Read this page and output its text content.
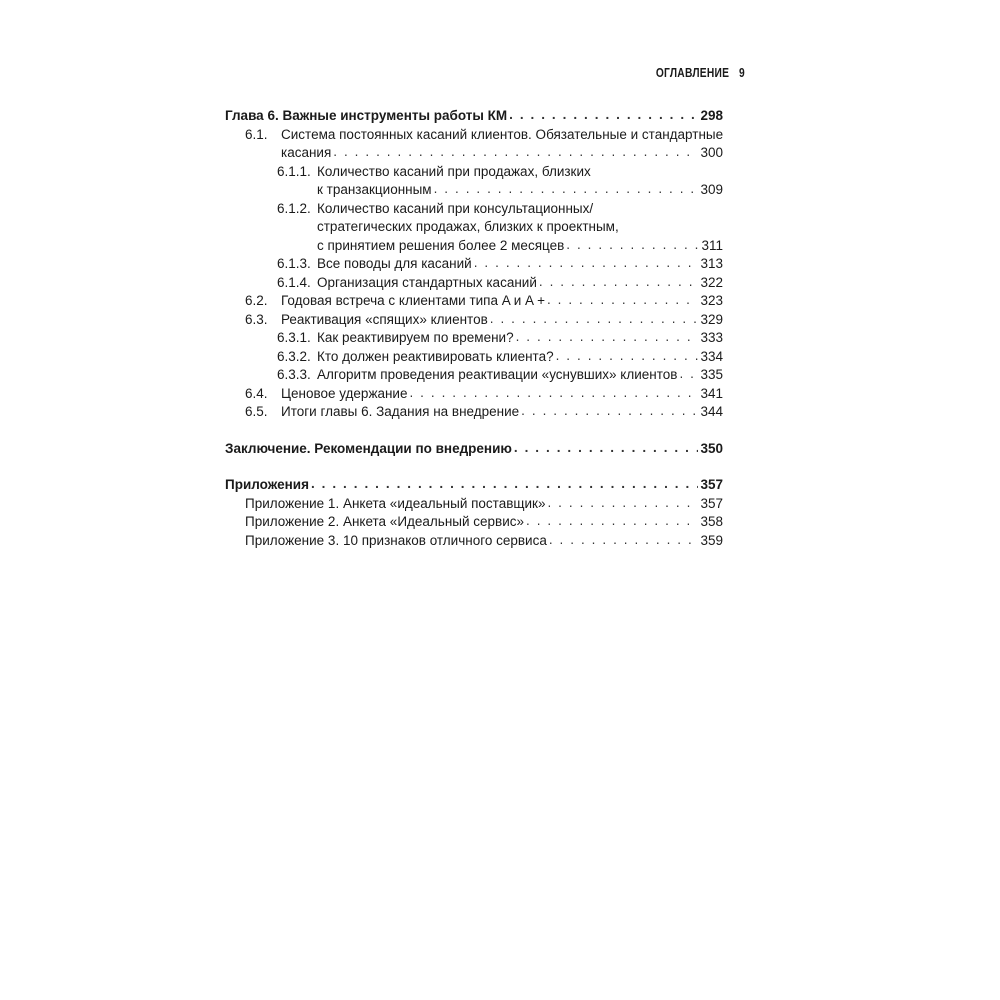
ОГЛАВЛЕНИЕ 9
Глава 6. Важные инструменты работы КМ . . .	298
6.1. Система постоянных касаний клиентов. Обязательные и стандартные
касания . . .	300
6.1.1. Количество касаний при продажах, близких
к транзакционным . . .	309
6.1.2. Количество касаний при консультационных/
стратегических продажах, близких к проектным,
с принятием решения более 2 месяцев . . .	311
6.1.3. Все поводы для касаний . . .	313
6.1.4. Организация стандартных касаний . . .	322
6.2. Годовая встреча с клиентами типа A и A + . . .	323
6.3. Реактивация «спящих» клиентов . . .	329
6.3.1. Как реактивируем по времени? . . .	333
6.3.2. Кто должен реактивировать клиента? . . .	334
6.3.3. Алгоритм проведения реактивации «уснувших» клиентов . . . 335
6.4. Ценовое удержание . . .	341
6.5. Итоги главы 6. Задания на внедрение . . .	344
Заключение. Рекомендации по внедрению . . .	350
Приложения . . .	357
Приложение 1. Анкета «идеальный поставщик» . . .	357
Приложение 2. Анкета «Идеальный сервис» . . .	358
Приложение 3. 10 признаков отличного сервиса . . .	359
